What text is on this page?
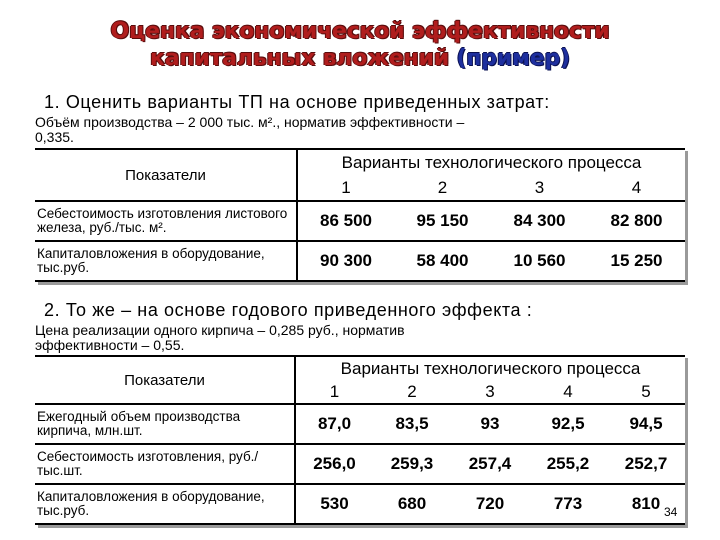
Оценка экономической эффективности
капитальных вложений (пример)
1. Оценить варианты ТП на основе приведенных затрат:
Объём производства – 2 000 тыс. м²., норматив эффективности –
0,335.
Показатели	Варианты технологического процесса			
	1	2	3	4
Себестоимость изготовления листового железа, руб./тыс. м².	86 500	95 150	84 300	82 800
Капиталовложения в оборудование, тыс.руб.	90 300	58 400	10 560	15 250
2. То же – на основе годового приведенного эффекта :
Цена реализации одного кирпича – 0,285 руб., норматив
эффективности – 0,55.
Показатели	Варианты технологического процесса				
	1	2	3	4	5
Ежегодный объем производства кирпича, млн.шт.	87,0	83,5	93	92,5	94,5
Себестоимость изготовления, руб./тыс.шт.	256,0	259,3	257,4	255,2	252,7
Капиталовложения в оборудование, тыс.руб.	530	680	720	773	810 34
